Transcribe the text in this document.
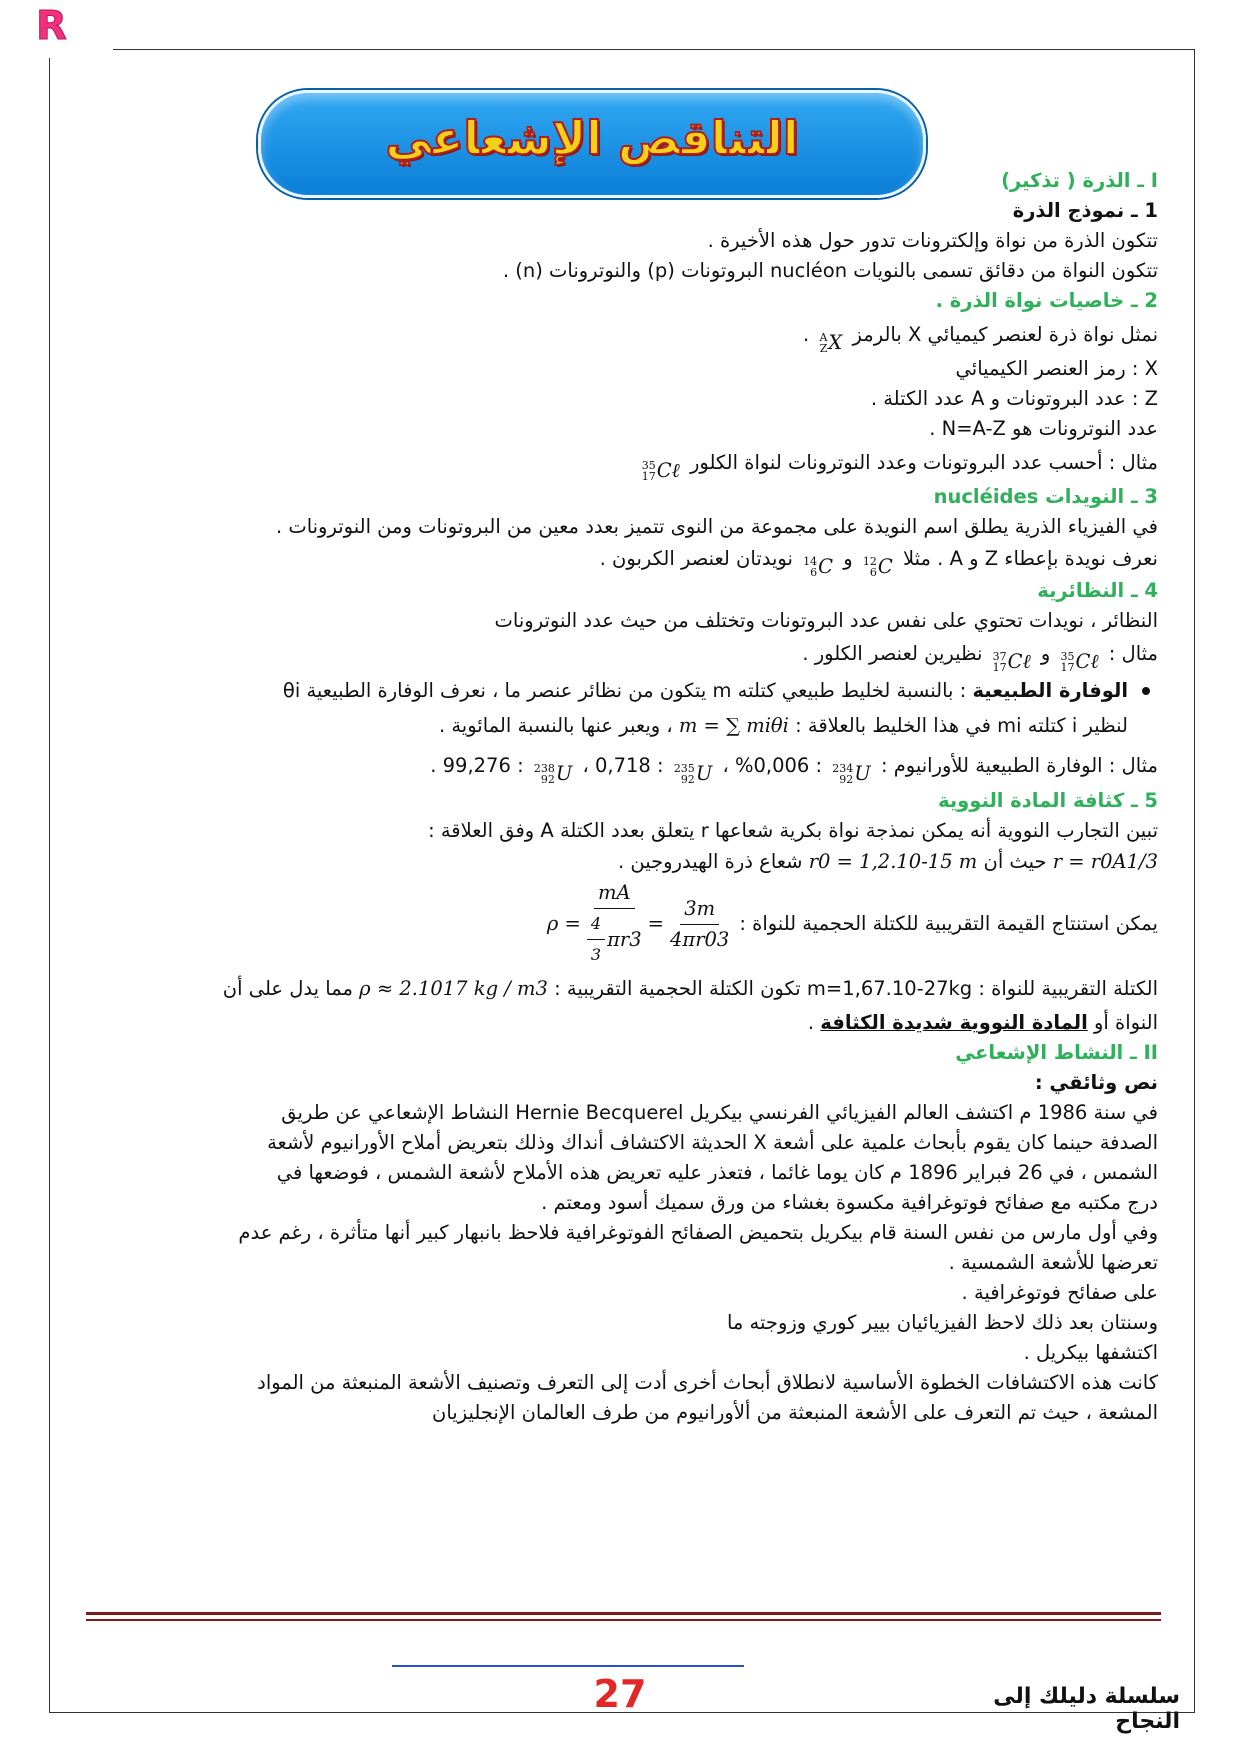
R
التناقص الإشعاعي
I ـ الذرة ( تذكير)
1 ـ نموذج الذرة
تتكون الذرة من نواة وإلكترونات تدور حول هذه الأخيرة .
تتكون النواة من دقائق تسمى بالنويات nucléon البروتونات (p) والنوترونات (n) .
2 ـ خاصيات نواة الذرة .
نمثل نواة ذرة لعنصر كيميائي X بالرمز
A
Z X
.
X : رمز العنصر الكيميائي
Z : عدد البروتونات و A عدد الكتلة .
عدد النوترونات هو N=A-Z .
مثال : أحسب عدد البروتونات وعدد النوترونات لنواة الكلور
35
17 Cℓ
3 ـ النويدات nucléides
في الفيزياء الذرية يطلق اسم النويدة على مجموعة من النوى تتميز بعدد معين من البروتونات ومن النوترونات .
نعرف نويدة بإعطاء Z و A . مثلا
12
6 C
و
14
6 C
نويدتان لعنصر الكربون .
4 ـ النظائرية
النظائر ، نويدات تحتوي على نفس عدد البروتونات وتختلف من حيث عدد النوترونات
مثال :
35
17 Cℓ
و
37
17 Cℓ
نظيرين لعنصر الكلور .
الوفارة الطبيعية : بالنسبة لخليط طبيعي كتلته m يتكون من نظائر عنصر ما ، نعرف الوفارة الطبيعية θi
لنظير i كتلته mi في هذا الخليط بالعلاقة : m = ∑ miθi ، ويعبر عنها بالنسبة المائوية .
مثال : الوفارة الطبيعية للأورانيوم :
234
92 U
: 0,006% ،
235
92 U
: 0,718 ،
238
92 U
: 99,276 .
5 ـ كثافة المادة النووية
تبين التجارب النووية أنه يمكن نمذجة نواة بكرية شعاعها r يتعلق بعدد الكتلة A وفق العلاقة :
r = r0A1/3 حيث أن r0 = 1,2.10-15 m شعاع ذرة الهيدروجين .
يمكن استنتاج القيمة التقريبية للكتلة الحجمية للنواة :
$\rho = \frac{mA}{\frac{4}{3} \pi r3} = \frac{3m}{4\pi r03}$
الكتلة التقريبية للنواة : m=1,67.10-27kg تكون الكتلة الحجمية التقريبية : ρ ≈ 2.1017 kg / m3 مما يدل على أن
النواة أو المادة النووية شديدة الكثافة .
II ـ النشاط الإشعاعي
نص وثائقي :
في سنة 1986 م اكتشف العالم الفيزيائي الفرنسي بيكريل Hernie Becquerel النشاط الإشعاعي عن طريق
الصدفة حينما كان يقوم بأبحاث علمية على أشعة X الحديثة الاكتشاف أنداك وذلك بتعريض أملاح الأورانيوم لأشعة
الشمس ، في 26 فبراير 1896 م كان يوما غائما ، فتعذر عليه تعريض هذه الأملاح لأشعة الشمس ، فوضعها في
درج مكتبه مع صفائح فوتوغرافية مكسوة بغشاء من ورق سميك أسود ومعتم .
وفي أول مارس من نفس السنة قام بيكريل بتحميض الصفائح الفوتوغرافية فلاحظ بانبهار كبير أنها متأثرة ، رغم عدم
تعرضها للأشعة الشمسية .
على صفائح فوتوغرافية .
وسنتان بعد ذلك لاحظ الفيزيائيان بيير كوري وزوجته ما
اكتشفها بيكريل .
كانت هذه الاكتشافات الخطوة الأساسية لانطلاق أبحاث أخرى أدت إلى التعرف وتصنيف الأشعة المنبعثة من المواد
المشعة ، حيث تم التعرف على الأشعة المنبعثة من ألأورانيوم من طرف العالمان الإنجليزيان
27	سلسلة دليلك إلى النجاح
